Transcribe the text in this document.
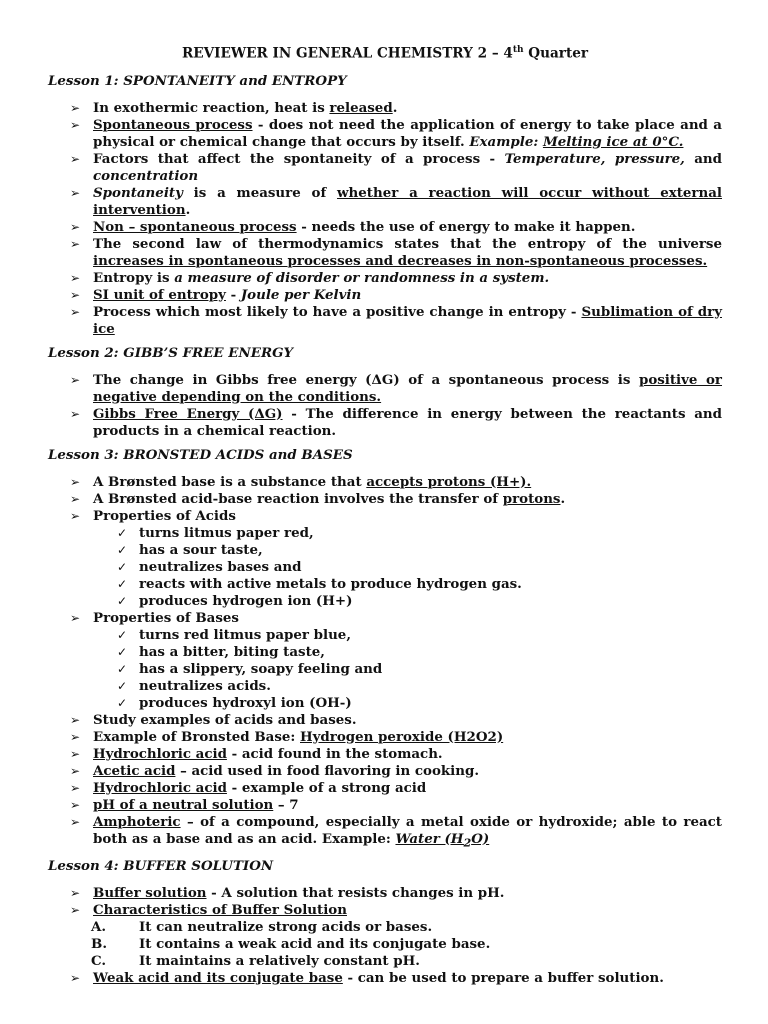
REVIEWER IN GENERAL CHEMISTRY 2 – 4th Quarter
Lesson 1: SPONTANEITY and ENTROPY
➢ In exothermic reaction, heat is released.
➢ Spontaneous process - does not need the application of energy to take place and a physical or chemical change that occurs by itself. Example: Melting ice at 0°C.
➢ Factors that affect the spontaneity of a process - Temperature, pressure, and concentration
➢ Spontaneity is a measure of whether a reaction will occur without external intervention.
➢ Non – spontaneous process - needs the use of energy to make it happen.
➢ The second law of thermodynamics states that the entropy of the universe increases in spontaneous processes and decreases in non-spontaneous processes.
➢ Entropy is a measure of disorder or randomness in a system.
➢ SI unit of entropy - Joule per Kelvin
➢ Process which most likely to have a positive change in entropy - Sublimation of dry ice
Lesson 2: GIBB’S FREE ENERGY
➢ The change in Gibbs free energy (ΔG) of a spontaneous process is positive or negative depending on the conditions.
➢ Gibbs Free Energy (ΔG) - The difference in energy between the reactants and products in a chemical reaction.
Lesson 3: BRONSTED ACIDS and BASES
➢ A Brønsted base is a substance that accepts protons (H+).
➢ A Brønsted acid-base reaction involves the transfer of protons.
➢ Properties of Acids
✓ turns litmus paper red,
✓ has a sour taste,
✓ neutralizes bases and
✓ reacts with active metals to produce hydrogen gas.
✓ produces hydrogen ion (H+)
➢ Properties of Bases
✓ turns red litmus paper blue,
✓ has a bitter, biting taste,
✓ has a slippery, soapy feeling and
✓ neutralizes acids.
✓ produces hydroxyl ion (OH-)
➢ Study examples of acids and bases.
➢ Example of Bronsted Base: Hydrogen peroxide (H2O2)
➢ Hydrochloric acid - acid found in the stomach.
➢ Acetic acid – acid used in food flavoring in cooking.
➢ Hydrochloric acid - example of a strong acid
➢ pH of a neutral solution – 7
➢ Amphoteric – of a compound, especially a metal oxide or hydroxide; able to react both as a base and as an acid. Example: Water $(H_2O)$
Lesson 4: BUFFER SOLUTION
➢ Buffer solution - A solution that resists changes in pH.
➢ Characteristics of Buffer Solution
A. It can neutralize strong acids or bases.
B. It contains a weak acid and its conjugate base.
C. It maintains a relatively constant pH.
➢ Weak acid and its conjugate base - can be used to prepare a buffer solution.
